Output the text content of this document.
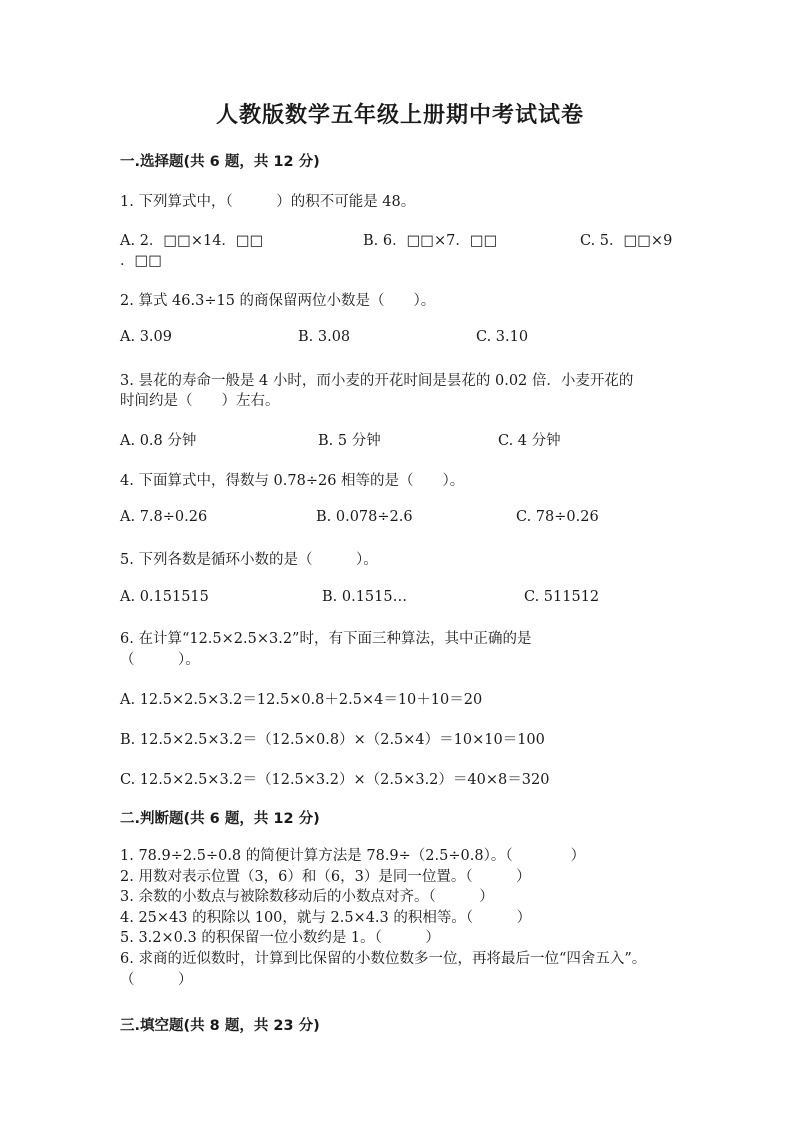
人教版数学五年级上册期中考试试卷
一.选择题(共 6 题，共 12 分)
1. 下列算式中，（　　　）的积不可能是 48。
A. 2．□□×14．□□	B. 6．□□×7．□□	C. 5．□□×9
．□□
2. 算式 46.3÷15 的商保留两位小数是（　　）。
A. 3.09	B. 3.08	C. 3.10
3. 昙花的寿命一般是 4 小时，而小麦的开花时间是昙花的 0.02 倍．小麦开花的
时间约是（　　）左右。
A. 0.8 分钟	B. 5 分钟	C. 4 分钟
4. 下面算式中，得数与 0.78÷26 相等的是（　　）。
A. 7.8÷0.26	B. 0.078÷2.6	C. 78÷0.26
5. 下列各数是循环小数的是（　　　）。
A. 0.151515	B. 0.1515…	C. 511512
6. 在计算“12.5×2.5×3.2”时，有下面三种算法，其中正确的是
（　　　）。
A. 12.5×2.5×3.2＝12.5×0.8＋2.5×4＝10＋10＝20
B. 12.5×2.5×3.2＝（12.5×0.8）×（2.5×4）＝10×10＝100
C. 12.5×2.5×3.2＝（12.5×3.2）×（2.5×3.2）＝40×8＝320
二.判断题(共 6 题，共 12 分)
1. 78.9÷2.5÷0.8 的简便计算方法是 78.9÷（2.5÷0.8）。（　　　　）
2. 用数对表示位置（3，6）和（6，3）是同一位置。（　　　）
3. 余数的小数点与被除数移动后的小数点对齐。（　　　）
4. 25×43 的积除以 100，就与 2.5×4.3 的积相等。（　　　）
5. 3.2×0.3 的积保留一位小数约是 1。（　　　）
6. 求商的近似数时，计算到比保留的小数位数多一位，再将最后一位“四舍五入”。（　　　）
三.填空题(共 8 题，共 23 分)
